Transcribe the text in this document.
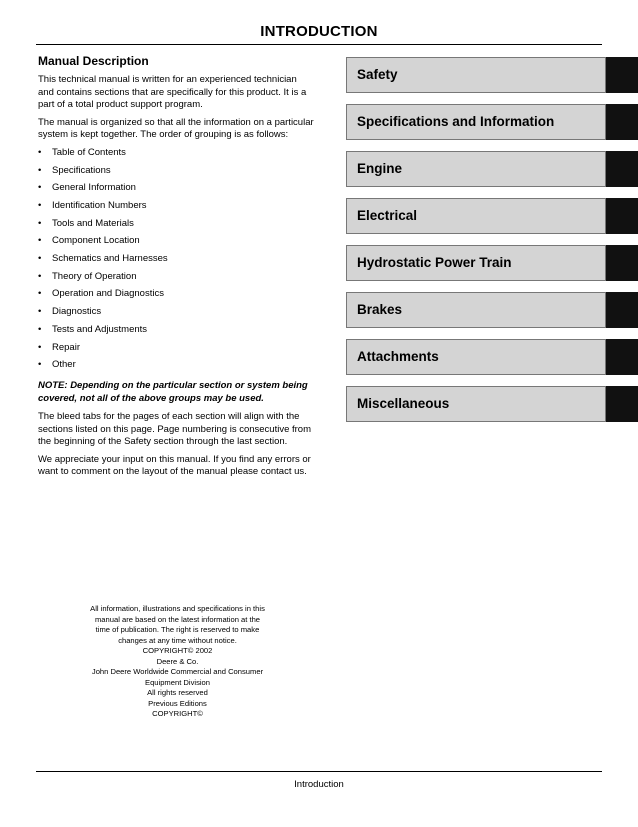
INTRODUCTION
Manual Description

This technical manual is written for an experienced technician and contains sections that are specifically for this product. It is a part of a total product support program.

The manual is organized so that all the information on a particular system is kept together. The order of grouping is as follows:

• Table of Contents
• Specifications
• General Information
• Identification Numbers
• Tools and Materials
• Component Location
• Schematics and Harnesses
• Theory of Operation
• Operation and Diagnostics
• Diagnostics
• Tests and Adjustments
• Repair
• Other

NOTE: Depending on the particular section or system being covered, not all of the above groups may be used.

The bleed tabs for the pages of each section will align with the sections listed on this page. Page numbering is consecutive from the beginning of the Safety section through the last section.

We appreciate your input on this manual. If you find any errors or want to comment on the layout of the manual please contact us.

Safety
Specifications and Information
Engine
Electrical
Hydrostatic Power Train
Brakes
Attachments
Miscellaneous
All information, illustrations and specifications in this manual are based on the latest information at the time of publication. The right is reserved to make changes at any time without notice.
COPYRIGHT© 2002
Deere & Co.
John Deere Worldwide Commercial and Consumer Equipment Division
All rights reserved
Previous Editions
COPYRIGHT©
Introduction
